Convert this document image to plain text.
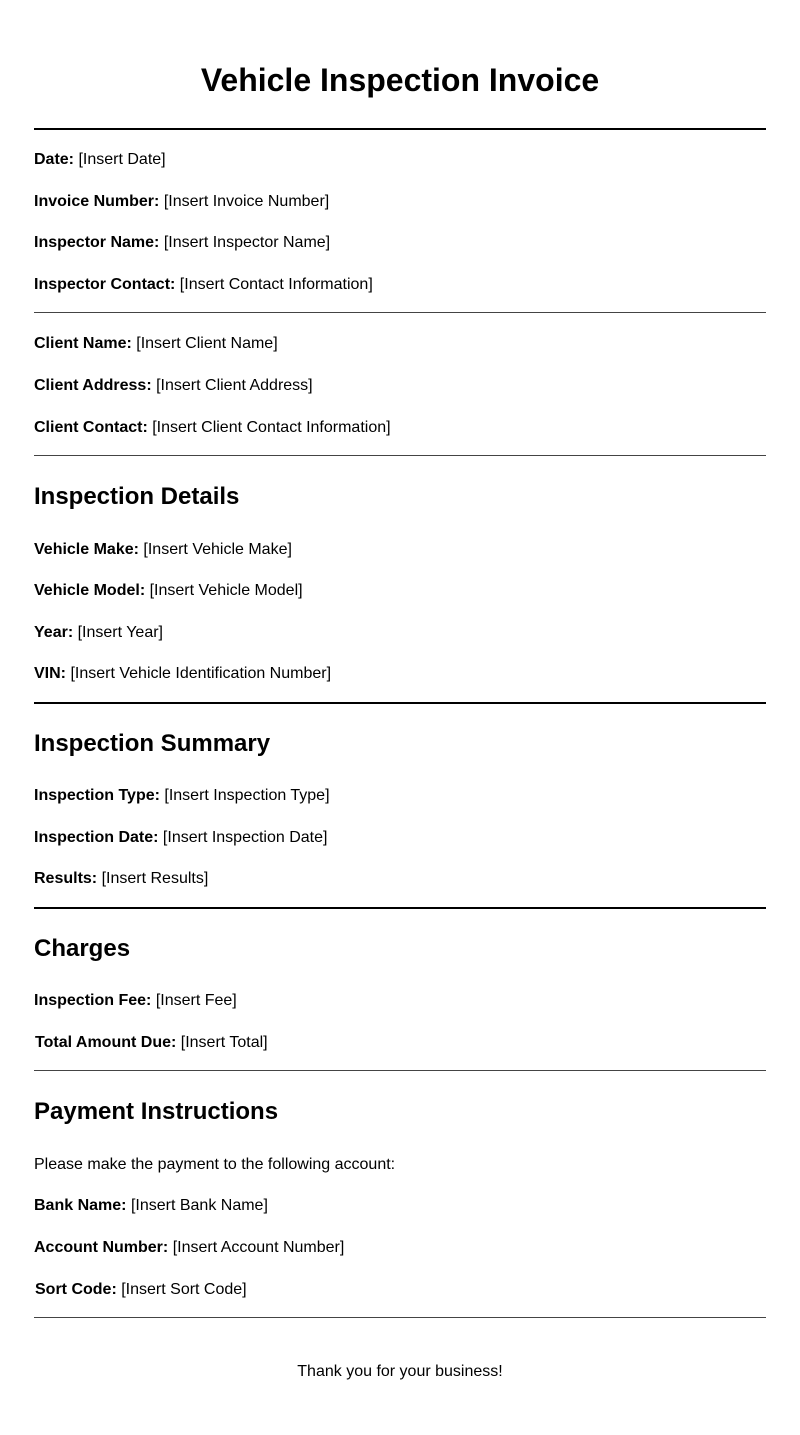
Vehicle Inspection Invoice

Date: [Insert Date]

Invoice Number: [Insert Invoice Number]

Inspector Name: [Insert Inspector Name]

Inspector Contact: [Insert Contact Information]

Client Name: [Insert Client Name]

Client Address: [Insert Client Address]

Client Contact: [Insert Client Contact Information]

Inspection Details

Vehicle Make: [Insert Vehicle Make]

Vehicle Model: [Insert Vehicle Model]

Year: [Insert Year]

VIN: [Insert Vehicle Identification Number]

Inspection Summary

Inspection Type: [Insert Inspection Type]

Inspection Date: [Insert Inspection Date]

Results: [Insert Results]

Charges

Inspection Fee: [Insert Fee]

Total Amount Due: [Insert Total]

Payment Instructions

Please make the payment to the following account:

Bank Name: [Insert Bank Name]

Account Number: [Insert Account Number]

Sort Code: [Insert Sort Code]

Thank you for your business!
